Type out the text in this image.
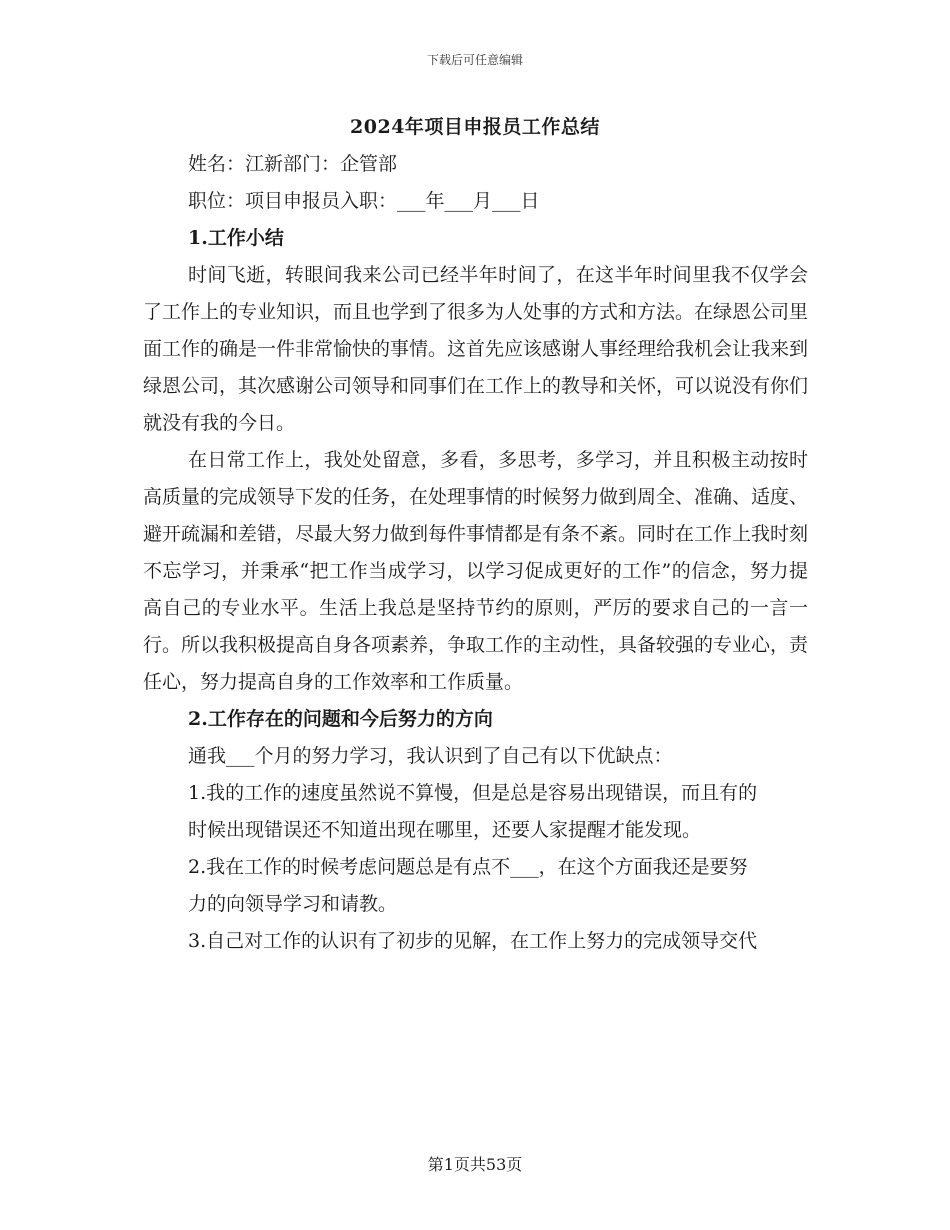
下载后可任意编辑
2024年项目申报员工作总结

姓名：江新部门：企管部

职位：项目申报员入职：___年___月___日

1.工作小结

时间飞逝，转眼间我来公司已经半年时间了，在这半年时间里我不仅学会了工作上的专业知识，而且也学到了很多为人处事的方式和方法。在绿恩公司里面工作的确是一件非常愉快的事情。这首先应该感谢人事经理给我机会让我来到绿恩公司，其次感谢公司领导和同事们在工作上的教导和关怀，可以说没有你们就没有我的今日。

在日常工作上，我处处留意，多看，多思考，多学习，并且积极主动按时高质量的完成领导下发的任务，在处理事情的时候努力做到周全、准确、适度、避开疏漏和差错，尽最大努力做到每件事情都是有条不紊。同时在工作上我时刻不忘学习，并秉承“把工作当成学习，以学习促成更好的工作”的信念，努力提高自己的专业水平。生活上我总是坚持节约的原则，严厉的要求自己的一言一行。所以我积极提高自身各项素养，争取工作的主动性，具备较强的专业心，责任心，努力提高自身的工作效率和工作质量。

2.工作存在的问题和今后努力的方向

通我___个月的努力学习，我认识到了自己有以下优缺点：

1.我的工作的速度虽然说不算慢，但是总是容易出现错误，而且有的

时候出现错误还不知道出现在哪里，还要人家提醒才能发现。

2.我在工作的时候考虑问题总是有点不___，在这个方面我还是要努

力的向领导学习和请教。

3.自己对工作的认识有了初步的见解，在工作上努力的完成领导交代

第1页共53页
